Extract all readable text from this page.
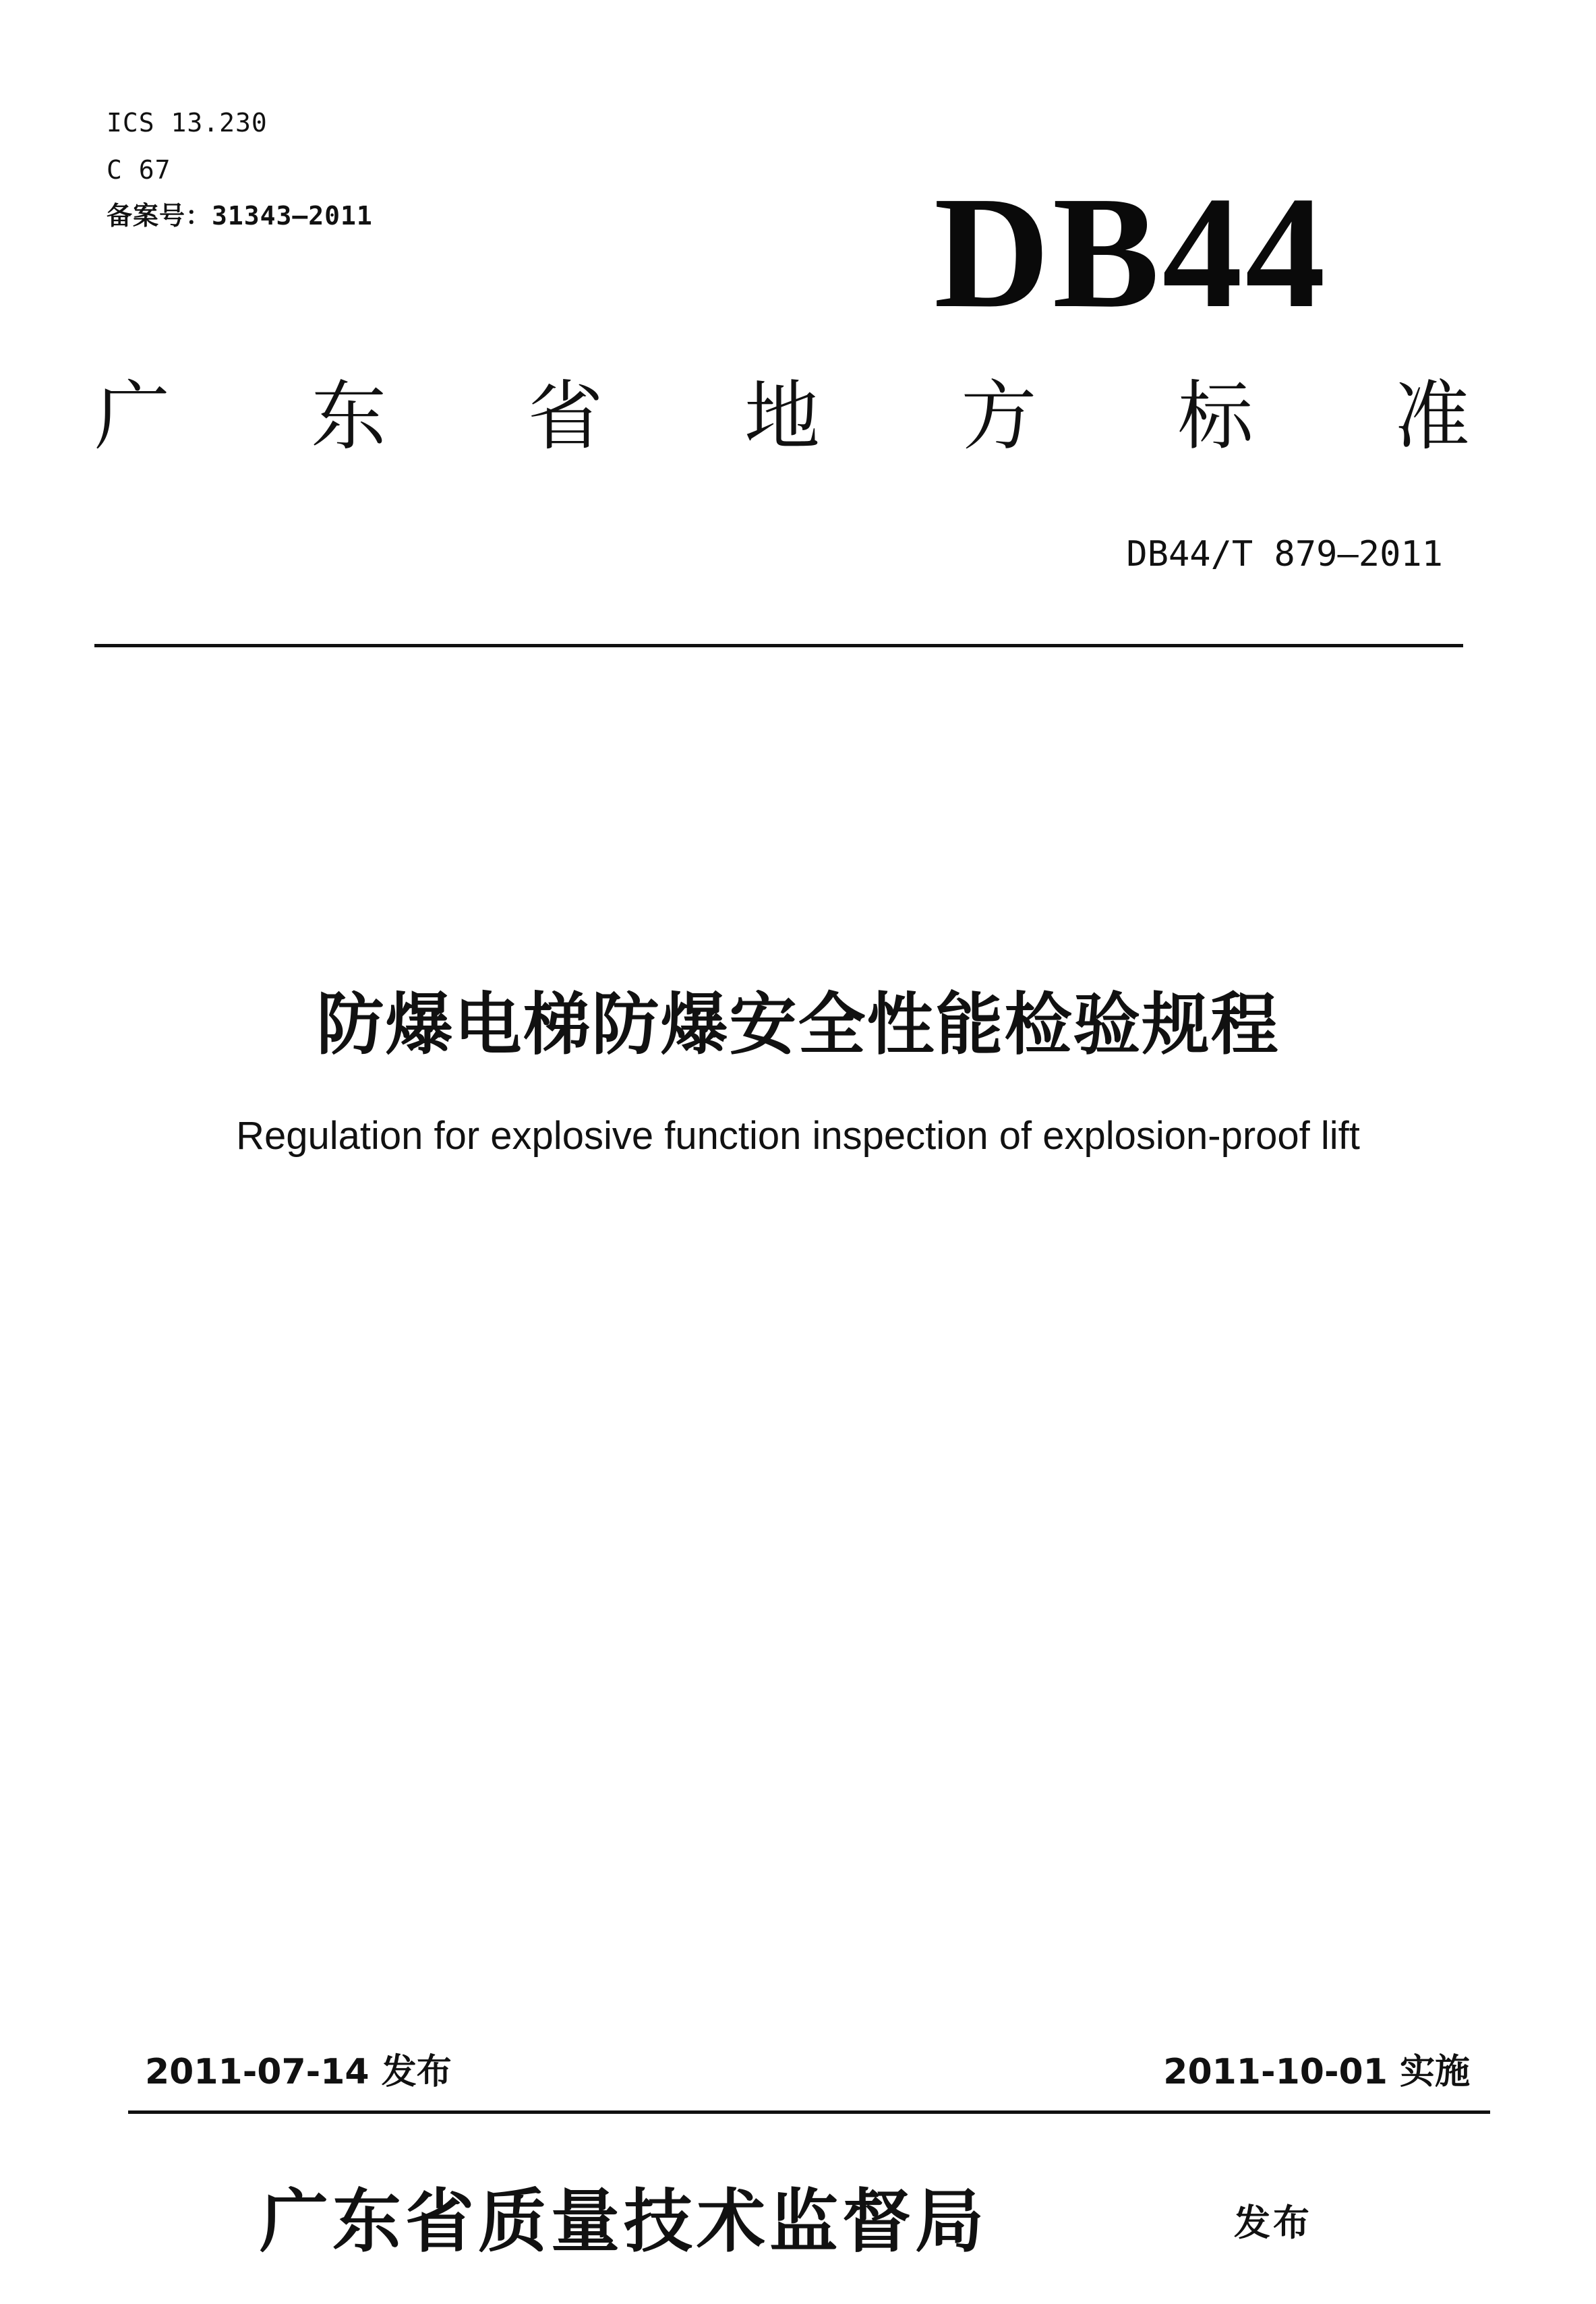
ICS 13.230
C 67
备案号：31343—2011	DB44
广 东 省 地 方 标 准
DB44/T 879—2011
防爆电梯防爆安全性能检验规程
Regulation for explosive function inspection of explosion-proof lift
2011-07-14 发布	2011-10-01 实施
广东省质量技术监督局	发布
